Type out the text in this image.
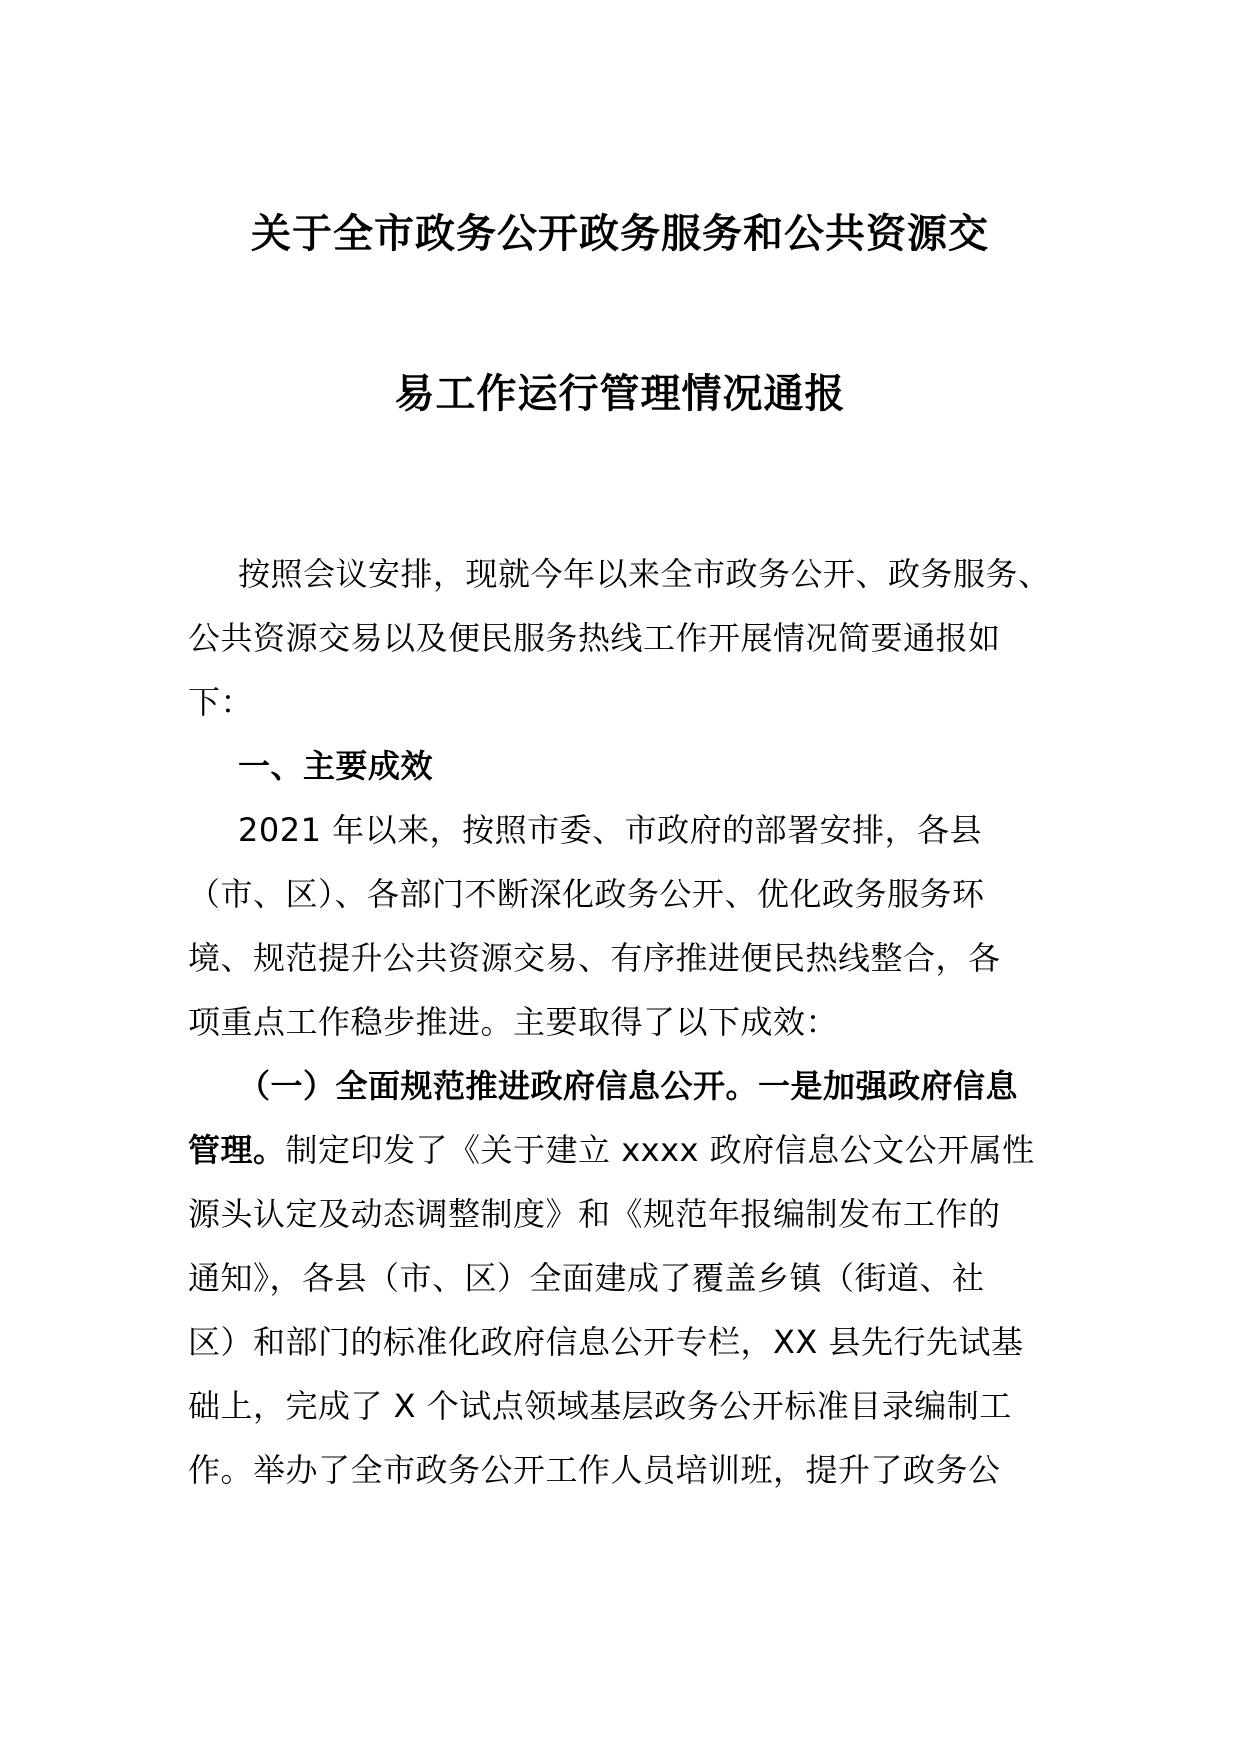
关于全市政务公开政务服务和公共资源交
易工作运行管理情况通报
按照会议安排，现就今年以来全市政务公开、政务服务、
公共资源交易以及便民服务热线工作开展情况简要通报如
下：
一、主要成效
2021 年以来，按照市委、市政府的部署安排，各县
（市、区）、各部门不断深化政务公开、优化政务服务环
境、规范提升公共资源交易、有序推进便民热线整合，各
项重点工作稳步推进。主要取得了以下成效：
（一）全面规范推进政府信息公开。一是加强政府信息
管理。制定印发了《关于建立 xxxx 政府信息公文公开属性
源头认定及动态调整制度》和《规范年报编制发布工作的
通知》，各县（市、区）全面建成了覆盖乡镇（街道、社
区）和部门的标准化政府信息公开专栏，XX 县先行先试基
础上，完成了 X 个试点领域基层政务公开标准目录编制工
作。举办了全市政务公开工作人员培训班，提升了政务公
